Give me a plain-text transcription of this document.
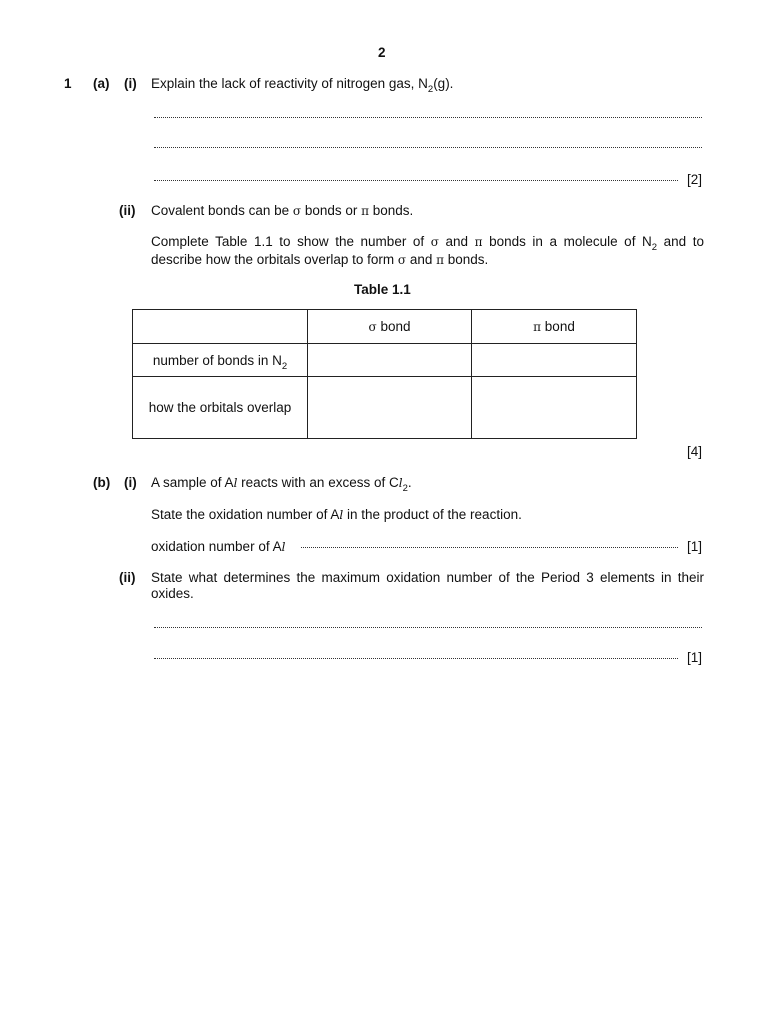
2
1 (a) (i) Explain the lack of reactivity of nitrogen gas, $N_2(g)$.
[2]
(ii) Covalent bonds can be σ bonds or π bonds.
Complete Table 1.1 to show the number of σ and π bonds in a molecule of $N_2$ and to describe how the orbitals overlap to form σ and π bonds.
Table 1.1
	σ bond	π bond
number of bonds in $N_2$		
how the orbitals overlap		
[4]
(b) (i) A sample of Al reacts with an excess of $Cl_2$.
State the oxidation number of Al in the product of the reaction.
oxidation number of Al	[1]
(ii) State what determines the maximum oxidation number of the Period 3 elements in their oxides.
[1]
